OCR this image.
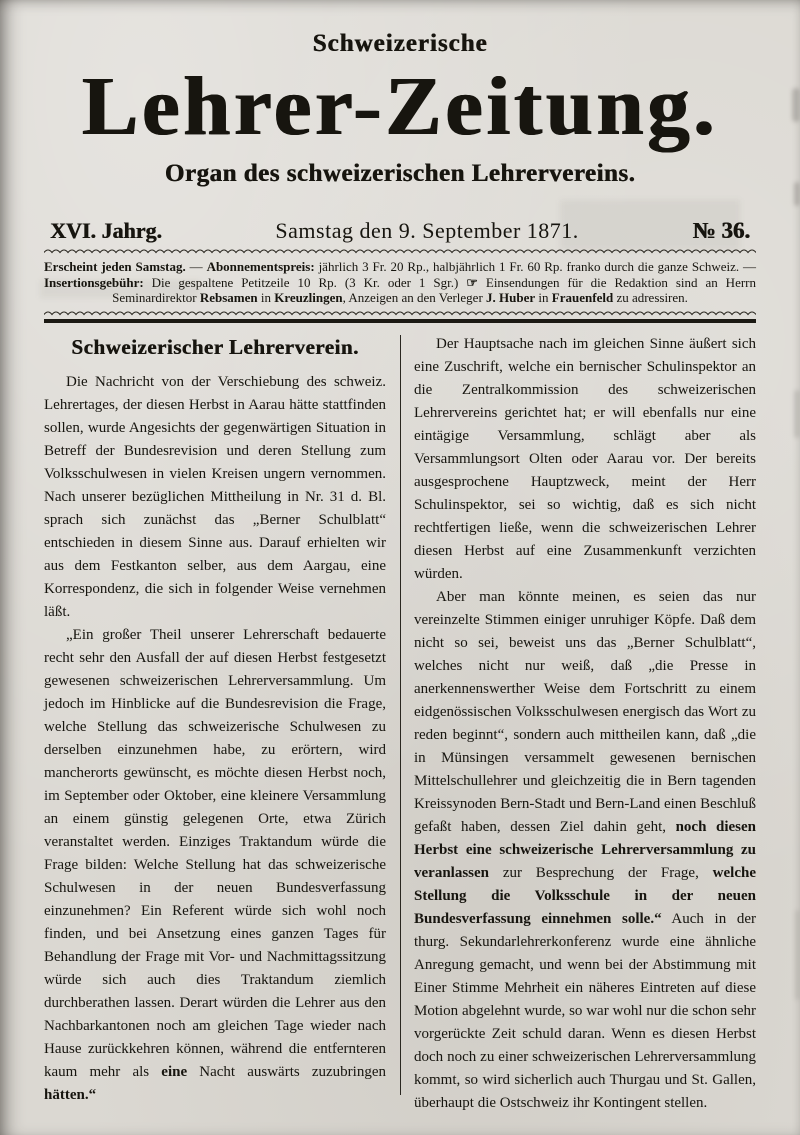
Schweizerische
Lehrer-Zeitung.
Organ des schweizerischen Lehrervereins.
XVI. Jahrg.	Samstag den 9. September 1871.	№ 36.

Erscheint jeden Samstag. — Abonnementspreis: jährlich 3 Fr. 20 Rp., halbjährlich 1 Fr. 60 Rp. franko durch die ganze Schweiz. — Insertionsgebühr: Die gespaltene Petitzeile 10 Rp. (3 Kr. oder 1 Sgr.) ☞ Einsendungen für die Redaktion sind an Herrn Seminardirektor Rebsamen in Kreuzlingen, Anzeigen an den Verleger J. Huber in Frauenfeld zu adressiren.

Schweizerischer Lehrerverein.

Die Nachricht von der Verschiebung des schweiz. Lehrertages, der diesen Herbst in Aarau hätte stattfinden sollen, wurde Angesichts der gegenwärtigen Situation in Betreff der Bundesrevision und deren Stellung zum Volksschulwesen in vielen Kreisen ungern vernommen. Nach unserer bezüglichen Mittheilung in Nr. 31 d. Bl. sprach sich zunächst das „Berner Schulblatt“ entschieden in diesem Sinne aus. Darauf erhielten wir aus dem Festkanton selber, aus dem Aargau, eine Korrespondenz, die sich in folgender Weise vernehmen läßt.

„Ein großer Theil unserer Lehrerschaft bedauerte recht sehr den Ausfall der auf diesen Herbst festgesetzt gewesenen schweizerischen Lehrerversammlung. Um jedoch im Hinblicke auf die Bundesrevision die Frage, welche Stellung das schweizerische Schulwesen zu derselben einzunehmen habe, zu erörtern, wird mancherorts gewünscht, es möchte diesen Herbst noch, im September oder Oktober, eine kleinere Versammlung an einem günstig gelegenen Orte, etwa Zürich veranstaltet werden. Einziges Traktandum würde die Frage bilden: Welche Stellung hat das schweizerische Schulwesen in der neuen Bundesverfassung einzunehmen? Ein Referent würde sich wohl noch finden, und bei Ansetzung eines ganzen Tages für Behandlung der Frage mit Vor- und Nachmittagssitzung würde sich auch dies Traktandum ziemlich durchberathen lassen. Derart würden die Lehrer aus den Nachbarkantonen noch am gleichen Tage wieder nach Hause zurückkehren können, während die entfernteren kaum mehr als eine Nacht auswärts zuzubringen hätten.“

Der Hauptsache nach im gleichen Sinne äußert sich eine Zuschrift, welche ein bernischer Schulinspektor an die Zentralkommission des schweizerischen Lehrervereins gerichtet hat; er will ebenfalls nur eine eintägige Versammlung, schlägt aber als Versammlungsort Olten oder Aarau vor. Der bereits ausgesprochene Hauptzweck, meint der Herr Schulinspektor, sei so wichtig, daß es sich nicht rechtfertigen ließe, wenn die schweizerischen Lehrer diesen Herbst auf eine Zusammenkunft verzichten würden.

Aber man könnte meinen, es seien das nur vereinzelte Stimmen einiger unruhiger Köpfe. Daß dem nicht so sei, beweist uns das „Berner Schulblatt“, welches nicht nur weiß, daß „die Presse in anerkennenswerther Weise dem Fortschritt zu einem eidgenössischen Volksschulwesen energisch das Wort zu reden beginnt“, sondern auch mittheilen kann, daß „die in Münsingen versammelt gewesenen bernischen Mittelschullehrer und gleichzeitig die in Bern tagenden Kreissynoden Bern-Stadt und Bern-Land einen Beschluß gefaßt haben, dessen Ziel dahin geht, noch diesen Herbst eine schweizerische Lehrerversammlung zu veranlassen zur Besprechung der Frage, welche Stellung die Volksschule in der neuen Bundesverfassung einnehmen solle.“ Auch in der thurg. Sekundarlehrerkonferenz wurde eine ähnliche Anregung gemacht, und wenn bei der Abstimmung mit Einer Stimme Mehrheit ein näheres Eintreten auf diese Motion abgelehnt wurde, so war wohl nur die schon sehr vorgerückte Zeit schuld daran. Wenn es diesen Herbst doch noch zu einer schweizerischen Lehrerversammlung kommt, so wird sicherlich auch Thurgau und St. Gallen, überhaupt die Ostschweiz ihr Kontingent stellen.
